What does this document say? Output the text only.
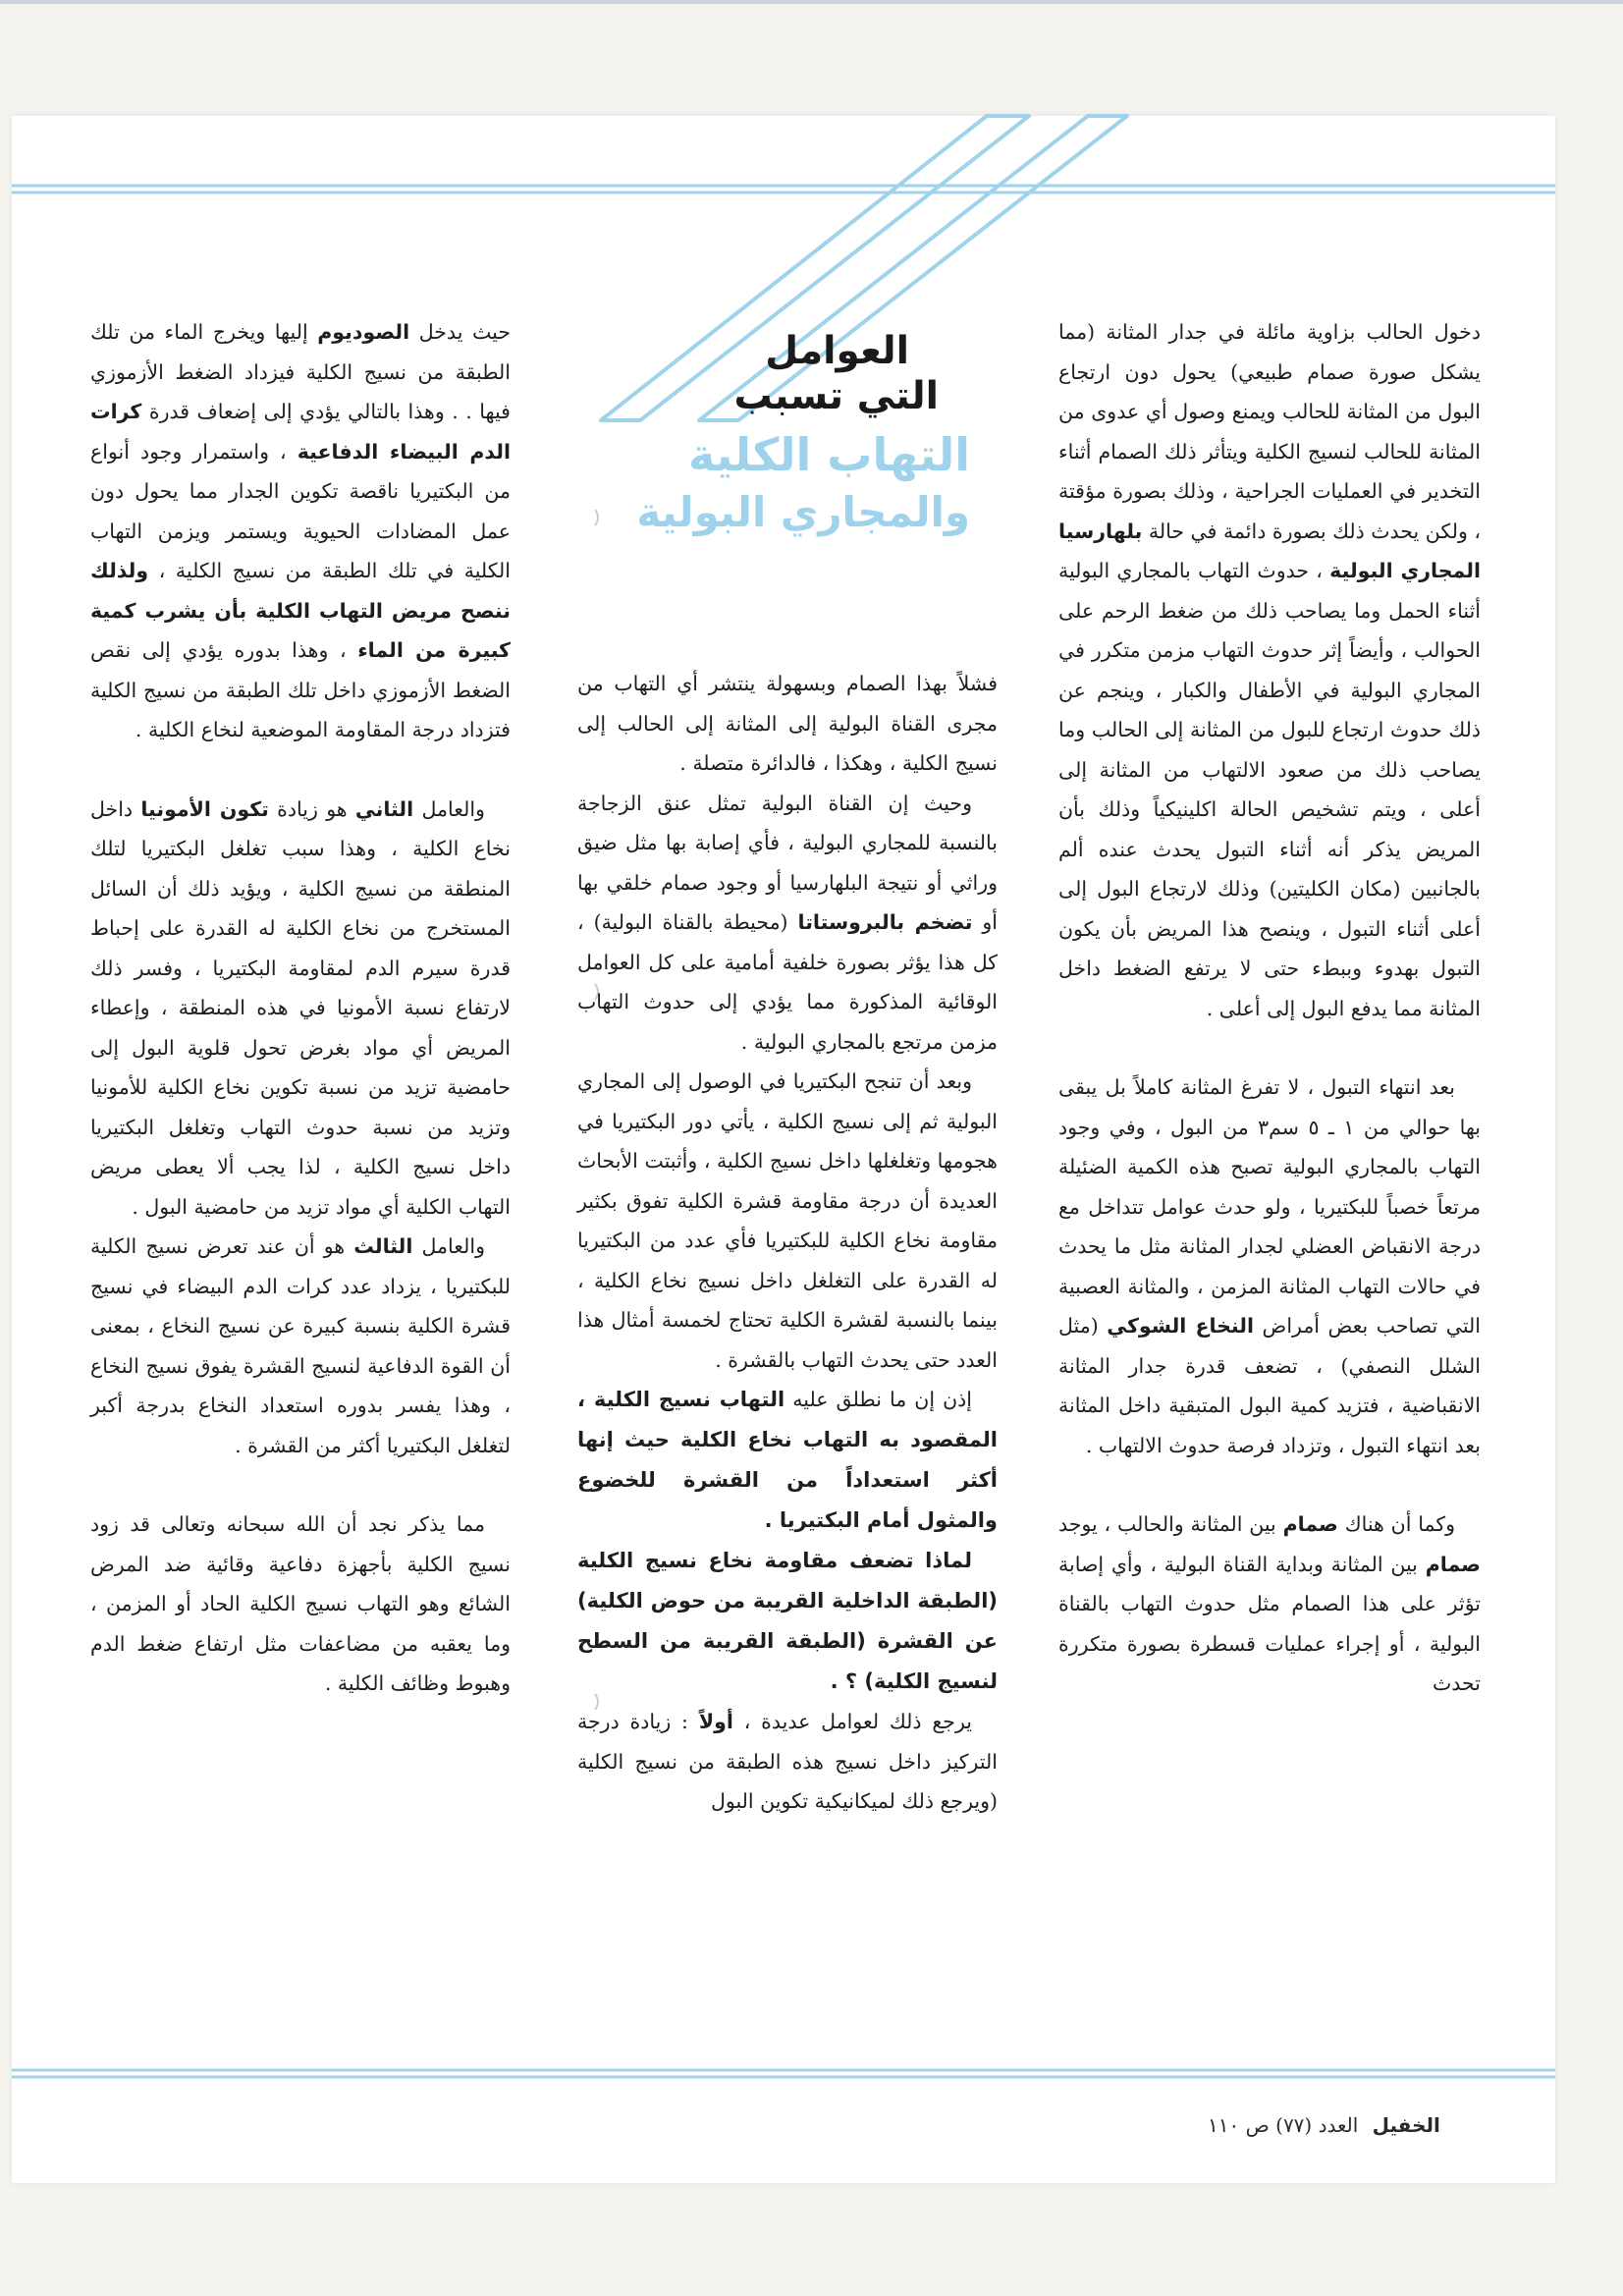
العوامل
التي تسبب
التهاب الكلية
والمجاري البولية

دخول الحالب بزاوية مائلة في جدار المثانة (مما يشكل صورة صمام طبيعي) يحول دون ارتجاع البول من المثانة للحالب ويمنع وصول أي عدوى من المثانة للحالب لنسيج الكلية ويتأثر ذلك الصمام أثناء التخدير في العمليات الجراحية ، وذلك بصورة مؤقتة ، ولكن يحدث ذلك بصورة دائمة في حالة بلهارسيا المجاري البولية ، حدوث التهاب بالمجاري البولية أثناء الحمل وما يصاحب ذلك من ضغط الرحم على الحوالب ، وأيضاً إثر حدوث التهاب مزمن متكرر في المجاري البولية في الأطفال والكبار ، وينجم عن ذلك حدوث ارتجاع للبول من المثانة إلى الحالب وما يصاحب ذلك من صعود الالتهاب من المثانة إلى أعلى ، ويتم تشخيص الحالة اكلينيكياً وذلك بأن المريض يذكر أنه أثناء التبول يحدث عنده ألم بالجانبين (مكان الكليتين) وذلك لارتجاع البول إلى أعلى أثناء التبول ، وينصح هذا المريض بأن يكون التبول بهدوء وببطء حتى لا يرتفع الضغط داخل المثانة مما يدفع البول إلى أعلى .

بعد انتهاء التبول ، لا تفرغ المثانة كاملاً بل يبقى بها حوالي من ١ ـ ٥ سم٣ من البول ، وفي وجود التهاب بالمجاري البولية تصبح هذه الكمية الضئيلة مرتعاً خصباً للبكتيريا ، ولو حدث عوامل تتداخل مع درجة الانقباض العضلي لجدار المثانة مثل ما يحدث في حالات التهاب المثانة المزمن ، والمثانة العصبية التي تصاحب بعض أمراض النخاع الشوكي (مثل الشلل النصفي) ، تضعف قدرة جدار المثانة الانقباضية ، فتزيد كمية البول المتبقية داخل المثانة بعد انتهاء التبول ، وتزداد فرصة حدوث الالتهاب .

وكما أن هناك صمام بين المثانة والحالب ، يوجد صمام بين المثانة وبداية القناة البولية ، وأي إصابة تؤثر على هذا الصمام مثل حدوث التهاب بالقناة البولية ، أو إجراء عمليات قسطرة بصورة متكررة تحدث

فشلاً بهذا الصمام وبسهولة ينتشر أي التهاب من مجرى القناة البولية إلى المثانة إلى الحالب إلى نسيج الكلية ، وهكذا ، فالدائرة متصلة .

وحيث إن القناة البولية تمثل عنق الزجاجة بالنسبة للمجاري البولية ، فأي إصابة بها مثل ضيق وراثي أو نتيجة البلهارسيا أو وجود صمام خلقي بها أو تضخم بالبروستاتا (محيطة بالقناة البولية) ، كل هذا يؤثر بصورة خلفية أمامية على كل العوامل الوقائية المذكورة مما يؤدي إلى حدوث التهاب مزمن مرتجع بالمجاري البولية .

وبعد أن تنجح البكتيريا في الوصول إلى المجاري البولية ثم إلى نسيج الكلية ، يأتي دور البكتيريا في هجومها وتغلغلها داخل نسيج الكلية ، وأثبتت الأبحاث العديدة أن درجة مقاومة قشرة الكلية تفوق بكثير مقاومة نخاع الكلية للبكتيريا فأي عدد من البكتيريا له القدرة على التغلغل داخل نسيج نخاع الكلية ، بينما بالنسبة لقشرة الكلية تحتاج لخمسة أمثال هذا العدد حتى يحدث التهاب بالقشرة .

إذن إن ما نطلق عليه التهاب نسيج الكلية ، المقصود به التهاب نخاع الكلية حيث إنها أكثر استعداداً من القشرة للخضوع والمثول أمام البكتيريا .

لماذا تضعف مقاومة نخاع نسيج الكلية (الطبقة الداخلية القريبة من حوض الكلية) عن القشرة (الطبقة القريبة من السطح لنسيج الكلية) ؟ .

يرجع ذلك لعوامل عديدة ، أولاً : زيادة درجة التركيز داخل نسيج هذه الطبقة من نسيج الكلية (ويرجع ذلك لميكانيكية تكوين البول

حيث يدخل الصوديوم إليها ويخرج الماء من تلك الطبقة من نسيج الكلية فيزداد الضغط الأزموزي فيها . . وهذا بالتالي يؤدي إلى إضعاف قدرة كرات الدم البيضاء الدفاعية ، واستمرار وجود أنواع من البكتيريا ناقصة تكوين الجدار مما يحول دون عمل المضادات الحيوية ويستمر ويزمن التهاب الكلية في تلك الطبقة من نسيج الكلية ، ولذلك ننصح مريض التهاب الكلية بأن يشرب كمية كبيرة من الماء ، وهذا بدوره يؤدي إلى نقص الضغط الأزموزي داخل تلك الطبقة من نسيج الكلية فتزداد درجة المقاومة الموضعية لنخاع الكلية .

والعامل الثاني هو زيادة تكون الأمونيا داخل نخاع الكلية ، وهذا سبب تغلغل البكتيريا لتلك المنطقة من نسيج الكلية ، ويؤيد ذلك أن السائل المستخرج من نخاع الكلية له القدرة على إحباط قدرة سيرم الدم لمقاومة البكتيريا ، وفسر ذلك لارتفاع نسبة الأمونيا في هذه المنطقة ، وإعطاء المريض أي مواد بغرض تحول قلوية البول إلى حامضية تزيد من نسبة تكوين نخاع الكلية للأمونيا وتزيد من نسبة حدوث التهاب وتغلغل البكتيريا داخل نسيج الكلية ، لذا يجب ألا يعطى مريض التهاب الكلية أي مواد تزيد من حامضية البول .

والعامل الثالث هو أن عند تعرض نسيج الكلية للبكتيريا ، يزداد عدد كرات الدم البيضاء في نسيج قشرة الكلية بنسبة كبيرة عن نسيج النخاع ، بمعنى أن القوة الدفاعية لنسيج القشرة يفوق نسيج النخاع ، وهذا يفسر بدوره استعداد النخاع بدرجة أكبر لتغلغل البكتيريا أكثر من القشرة .

مما يذكر نجد أن الله سبحانه وتعالى قد زود نسيج الكلية بأجهزة دفاعية وقائية ضد المرض الشائع وهو التهاب نسيج الكلية الحاد أو المزمن ، وما يعقبه من مضاعفات مثل ارتفاع ضغط الدم وهبوط وظائف الكلية .

الخفيل العدد (٧٧) ص ١١٠
